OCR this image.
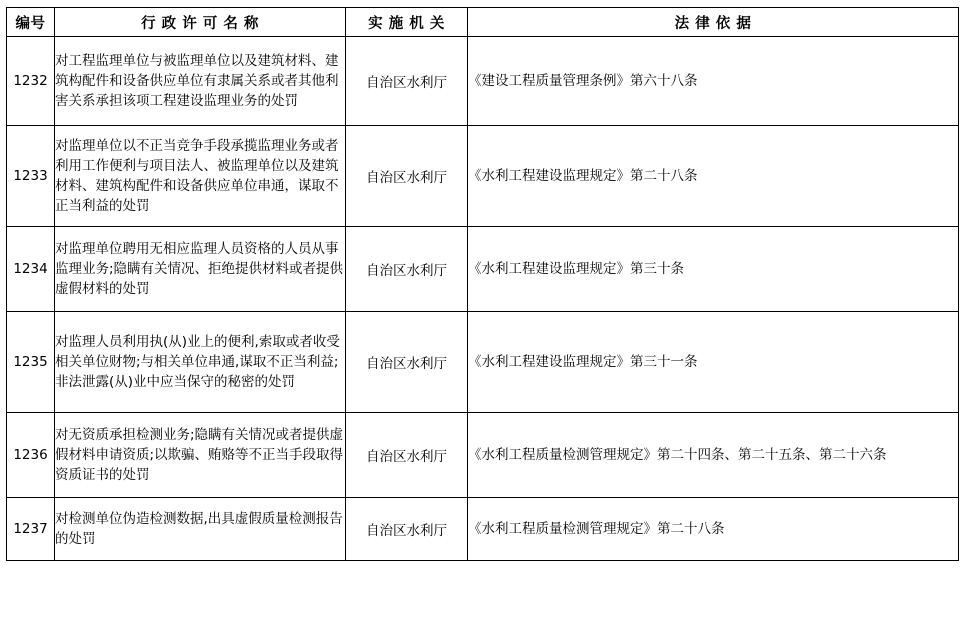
编号	行 政 许 可 名 称	实 施 机 关	法 律 依 据
1232	对工程监理单位与被监理单位以及建筑材料、建筑构配件和设备供应单位有隶属关系或者其他利害关系承担该项工程建设监理业务的处罚	自治区水利厅	《建设工程质量管理条例》第六十八条
1233	对监理单位以不正当竞争手段承揽监理业务或者利用工作便利与项目法人、被监理单位以及建筑材料、建筑构配件和设备供应单位串通，谋取不正当利益的处罚	自治区水利厅	《水利工程建设监理规定》第二十八条
1234	对监理单位聘用无相应监理人员资格的人员从事监理业务;隐瞒有关情况、拒绝提供材料或者提供虚假材料的处罚	自治区水利厅	《水利工程建设监理规定》第三十条
1235	对监理人员利用执(从)业上的便利,索取或者收受相关单位财物;与相关单位串通,谋取不正当利益;非法泄露(从)业中应当保守的秘密的处罚	自治区水利厅	《水利工程建设监理规定》第三十一条
1236	对无资质承担检测业务;隐瞒有关情况或者提供虚假材料申请资质;以欺骗、贿赂等不正当手段取得资质证书的处罚	自治区水利厅	《水利工程质量检测管理规定》第二十四条、第二十五条、第二十六条
1237	对检测单位伪造检测数据,出具虚假质量检测报告的处罚	自治区水利厅	《水利工程质量检测管理规定》第二十八条
